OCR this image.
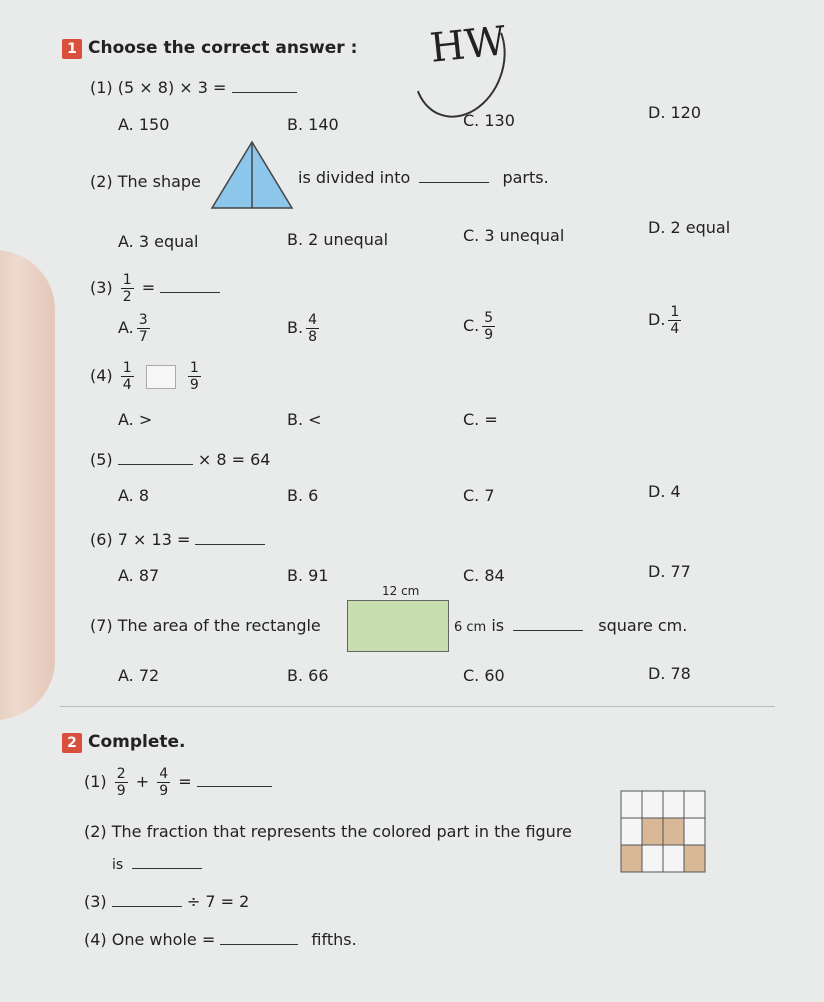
HW
1 Choose the correct answer :
(1) (5 × 8) × 3 =
A. 150	B. 140	C. 130	D. 120
(2) The shape	is divided into	parts.
A. 3 equal	B. 2 unequal	C. 3 unequal	D. 2 equal
$(3) \frac{1}{2}$ =
A. $\frac{3}{7}$	B. $\frac{4}{8}$	C. $\frac{5}{9}$	D. $\frac{1}{4}$
$(4) \frac{1}{4}$
	$\frac{1}{9}$
A. >	B. <	C. =
(5)	× 8 = 64
A. 8	B. 6	C. 7	D. 4
(6) 7 × 13 =
A. 87	B. 91	C. 84	D. 77
12 cm
(7) The area of the rectangle	6 cm is	square cm.
A. 72	B. 66	C. 60	D. 78
2 Complete.
$(1) \frac{2}{9} + \frac{4}{9}$ =
(2) The fraction that represents the colored part in the figure
is
(3)	÷ 7 = 2
(4) One whole =	fifths.
